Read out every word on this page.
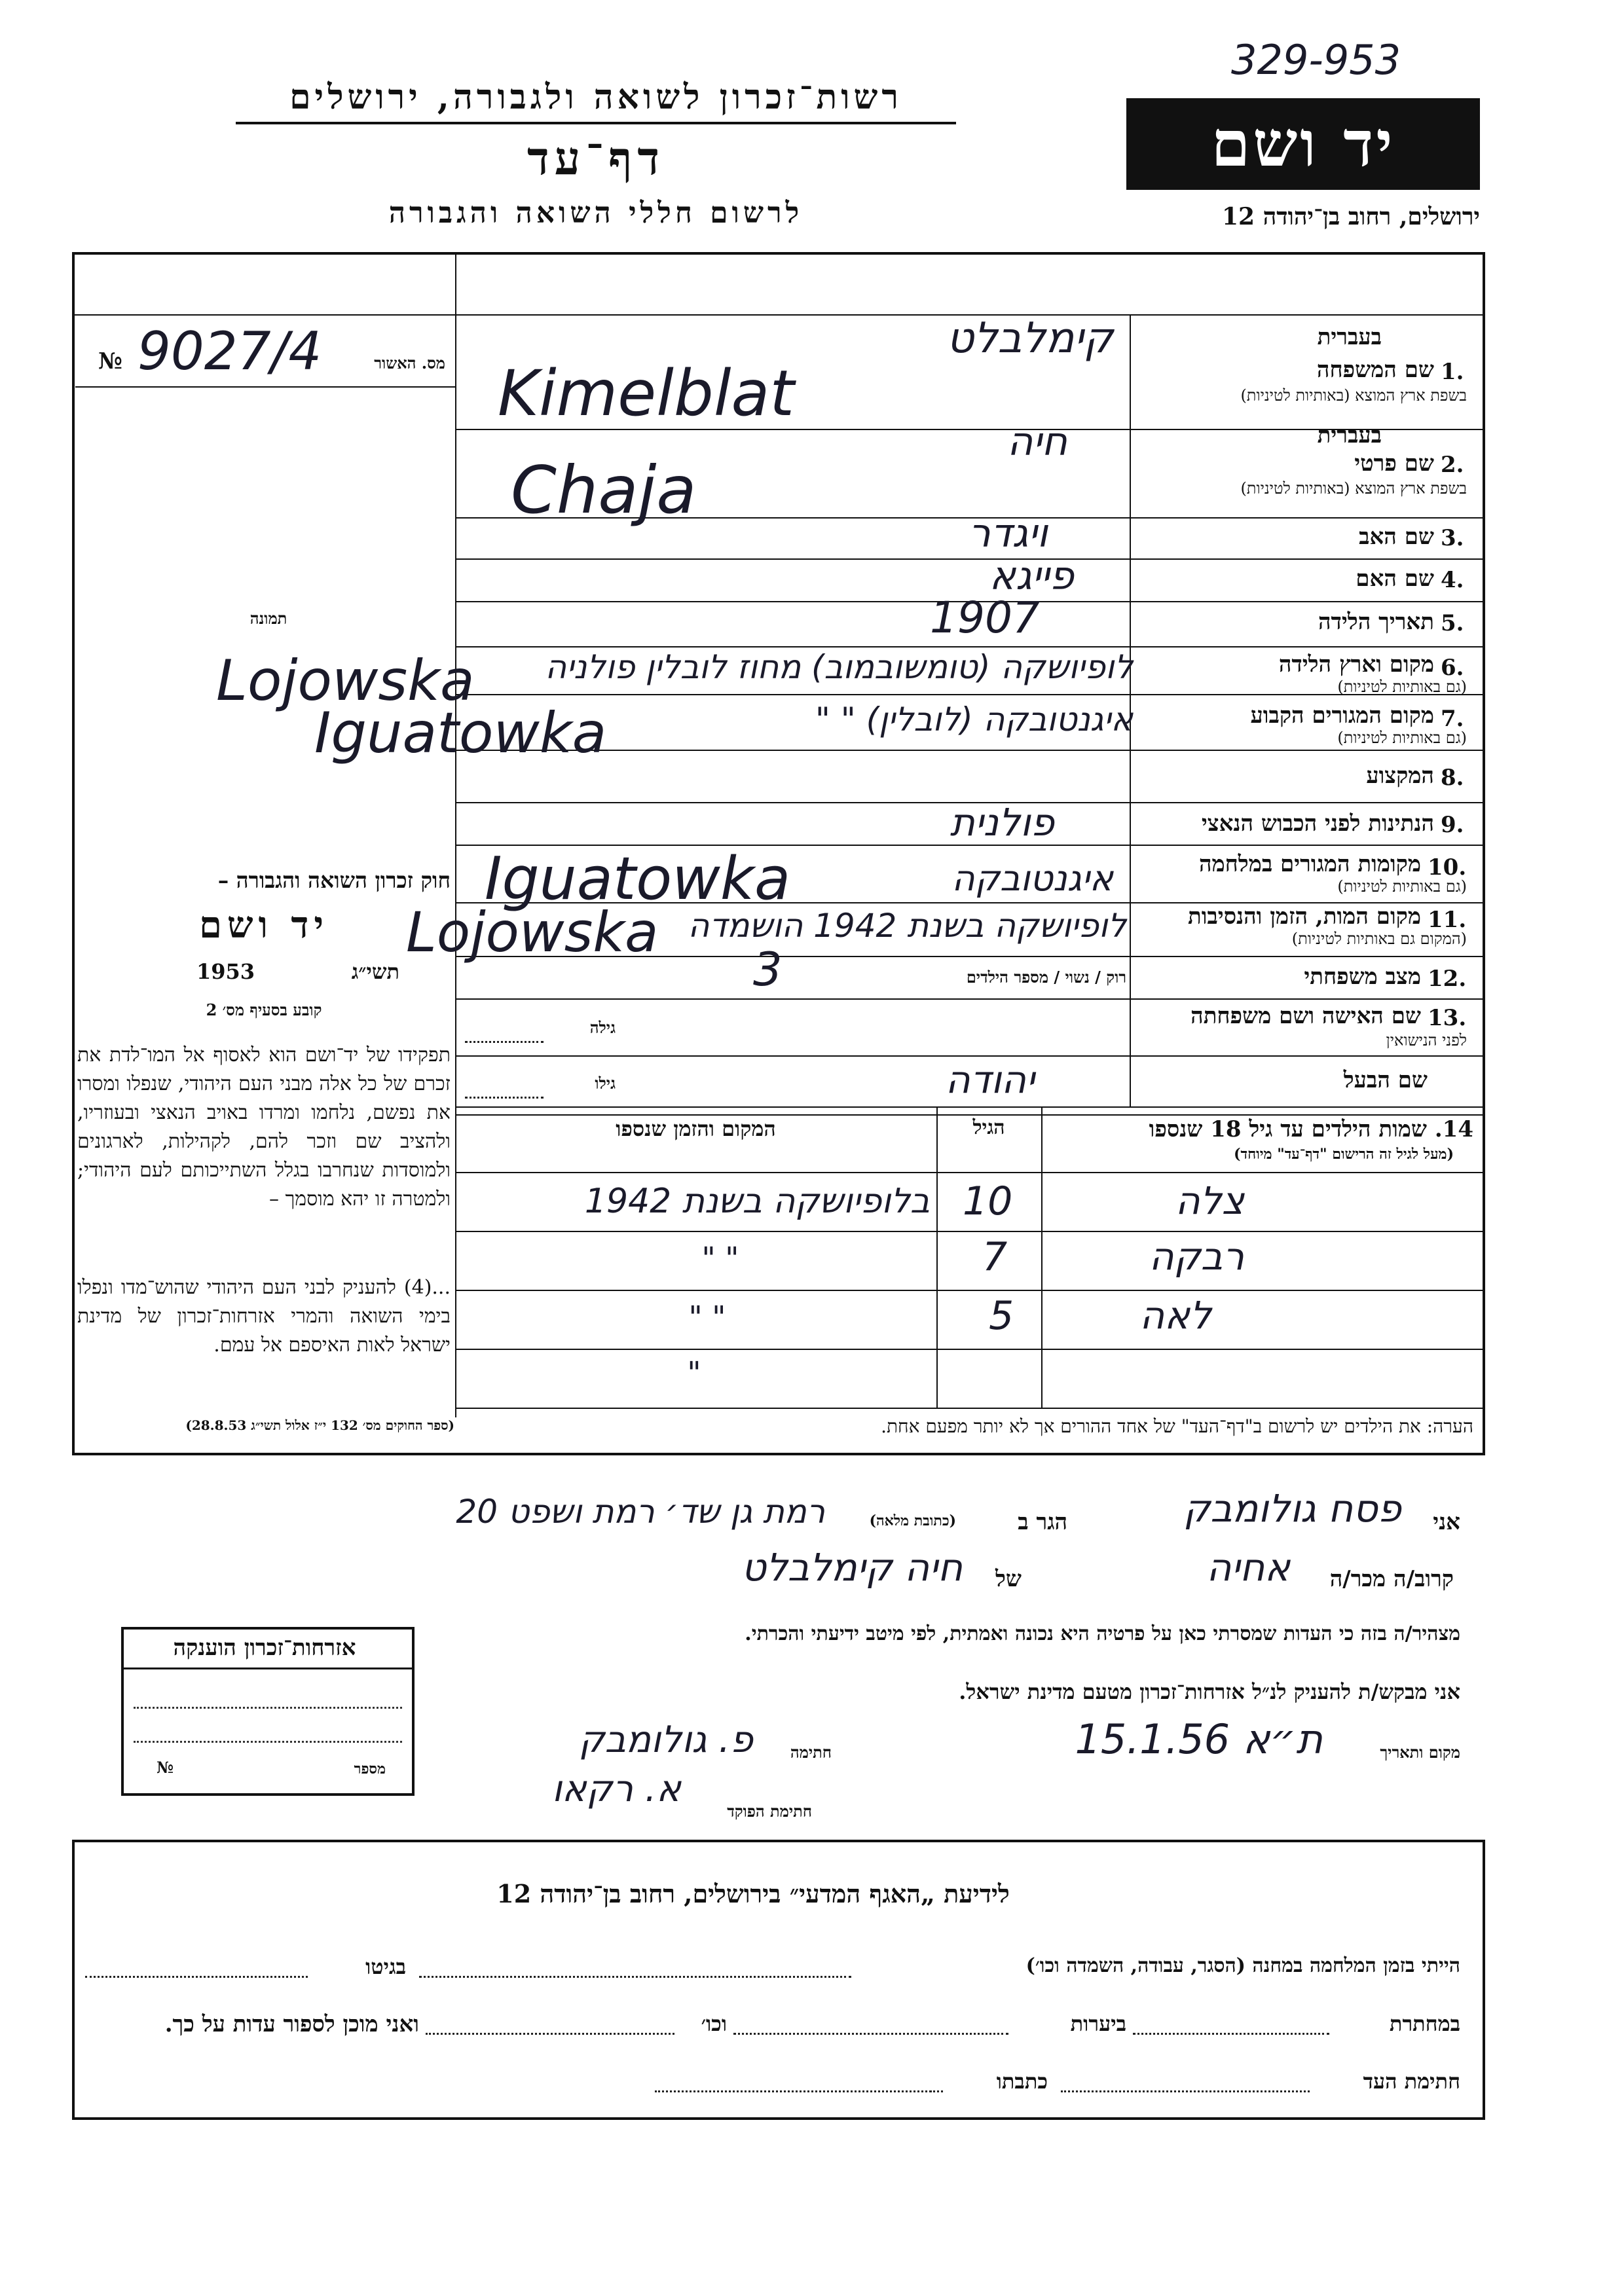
329-953
רשות־זכרון לשואה ולגבורה, ירושלים
דף־עד
לרשום חללי השואה והגבורה
יד ושם
ירושלים, רחוב בן־יהודה 12
מס. האשור
№ 9027/4
תמונה
בעברית
1.
שם המשפחה
בשפת ארץ המוצא (באותיות לטיניות)
קימלבלט
Kimelblat
בעברית
2.
שם פרטי
בשפת ארץ המוצא (באותיות לטיניות)
חיה
Chaja
3.
שם האב
ויגדר
4.
שם האם
פייגא
5.
תאריך הלידה
1907
6.
מקום וארץ הלידה
(גם באותיות לטיניות)
לופיושקה (טומשובמוב) מחוז לובלין פולניה
Lojowska
7.
מקום המגורים הקבוע
(גם באותיות לטיניות)
איגנטובקה (לובלין) " "
Iguatowka
8.
המקצוע
9.
הנתינות לפני הכבוש הנאצי
פולנית
10.
מקומות המגורים במלחמה
(גם באותיות לטיניות)
איגנטובקה
Iguatowka
11.
מקום המות, הזמן והנסיבות
(המקום גם באותיות לטיניות)
לופיושקה בשנת 1942 הושמדה
Lojowska
12.
מצב משפחתי
רוק / נשוי / מספר הילדים
3
13.
שם האישה ושם משפחתה
לפני הנישואין
גילה
שם הבעל
יהודה
גילו
חוק זכרון השואה והגבורה –
יד ושם
תשי״ג
1953
קובע בסעיף מס׳ 2
תפקידו של יד־ושם הוא לאסוף אל המו־לדת את זכרם של כל אלה מבני העם היהודי, שנפלו ומסרו את נפשם, נלחמו ומרדו באויב הנאצי ובעוזריו, ולהציב שם וזכר להם, לקהילות, לארגונים ולמוסדות שנחרבו בגלל השתייכותם לעם היהודי; ולמטרה זו יהא מוסמך –
...(4) להעניק לבני העם היהודי שהוש־מדו ונפלו בימי השואה והמרי אזרחות־זכרון של מדינת ישראל לאות האיספם אל עמם.
(ספר החוקים מס׳ 132 י״ז אלול תשי״ג 28.8.53)
14. שמות הילדים עד גיל 18 שנספו
(מעל לגיל זה הרישום "דף־עד" מיוחד)
הגיל
המקום והזמן שנספו
צלה
10
בלופיושקה בשנת 1942
רבקה
7
" "
לאה
5
" "
"
הערה: את הילדים יש לרשום ב"דף־העד" של אחד ההורים אך לא יותר מפעם אחת.
אני
פסח גולומבק
הגר ב
(כתובת מלאה)
רמת גן שד׳ רמת ושפט 20
קרוב/ה מכר/ה
אחיה
של
חיה קימלבלט
מצהיר/ה בזה כי העדות שמסרתי כאן על פרטיה היא נכונה ואמתית, לפי מיטב ידיעתי והכרתי.
אני מבקש/ת להעניק לנ״ל אזרחות־זכרון מטעם מדינת ישראל.
מקום ותאריך
ת״א 15.1.56
חתימה
פ. גולומבק
חתימת הפוקד
א. רקאו
אזרחות־זכרון הוענקה
מספר
№
לידיעת „האגף המדעי״ בירושלים, רחוב בן־יהודה 12
הייתי בזמן המלחמה במחנה (הסגר, עבודה, השמדה וכו׳)
בגיטו
במחתרת
ביערות
וכו׳
ואני מוכן לספור עדות על כך.
חתימת העד
כתבתו
